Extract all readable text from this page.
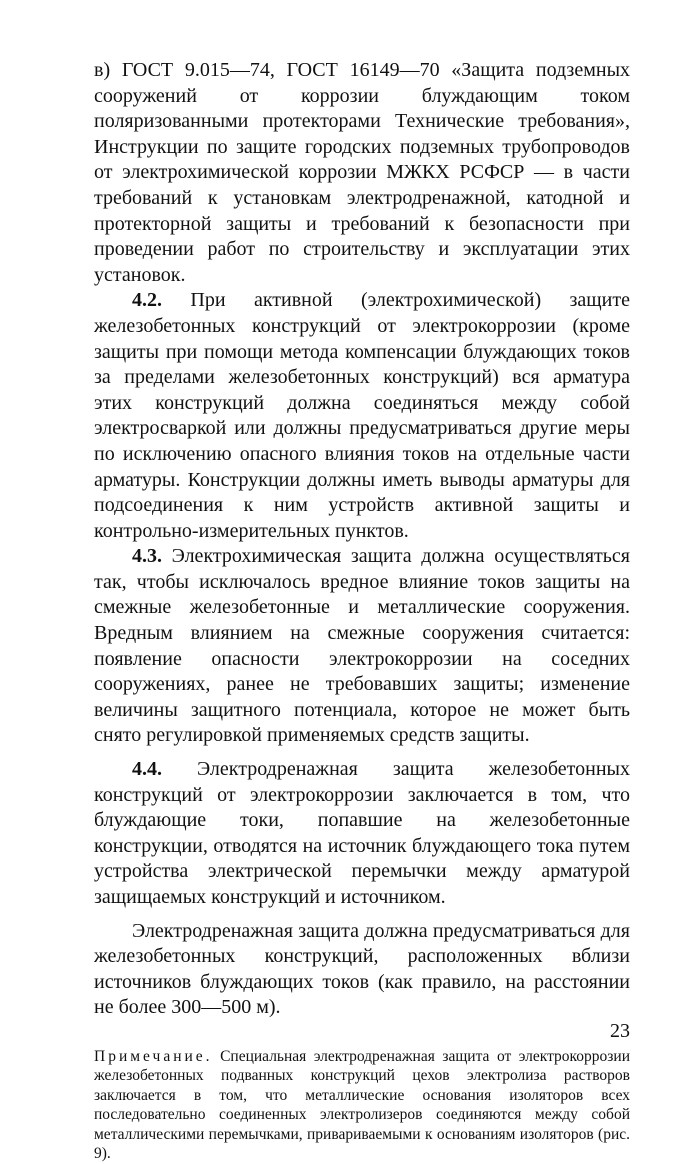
в) ГОСТ 9.015—74, ГОСТ 16149—70 «Защита подземных сооружений от коррозии блуждающим током поляризованными протекторами Технические требования», Инструкции по защите городских подземных трубопроводов от электрохимической коррозии МЖКХ РСФСР — в части требований к установкам электродренажной, катодной и протекторной защиты и требований к безопасности при проведении работ по строительству и эксплуатации этих установок.

4.2. При активной (электрохимической) защите железобетонных конструкций от электрокоррозии (кроме защиты при помощи метода компенсации блуждающих токов за пределами железобетонных конструкций) вся арматура этих конструкций должна соединяться между собой электросваркой или должны предусматриваться другие меры по исключению опасного влияния токов на отдельные части арматуры. Конструкции должны иметь выводы арматуры для подсоединения к ним устройств активной защиты и контрольно-измерительных пунктов.

4.3. Электрохимическая защита должна осуществляться так, чтобы исключалось вредное влияние токов защиты на смежные железобетонные и металлические сооружения. Вредным влиянием на смежные сооружения считается: появление опасности электрокоррозии на соседних сооружениях, ранее не требовавших защиты; изменение величины защитного потенциала, которое не может быть снято регулировкой применяемых средств защиты.

4.4. Электродренажная защита железобетонных конструкций от электрокоррозии заключается в том, что блуждающие токи, попавшие на железобетонные конструкции, отводятся на источник блуждающего тока путем устройства электрической перемычки между арматурой защищаемых конструкций и источником.

Электродренажная защита должна предусматриваться для железобетонных конструкций, расположенных вблизи источников блуждающих токов (как правило, на расстоянии не более 300—500 м).

Примечание. Специальная электродренажная защита от электрокоррозии железобетонных подванных конструкций цехов электролиза растворов заключается в том, что металлические основания изоляторов всех последовательно соединенных электролизеров соединяются между собой металлическими перемычками, привариваемыми к основаниям изоляторов (рис. 9).
23
